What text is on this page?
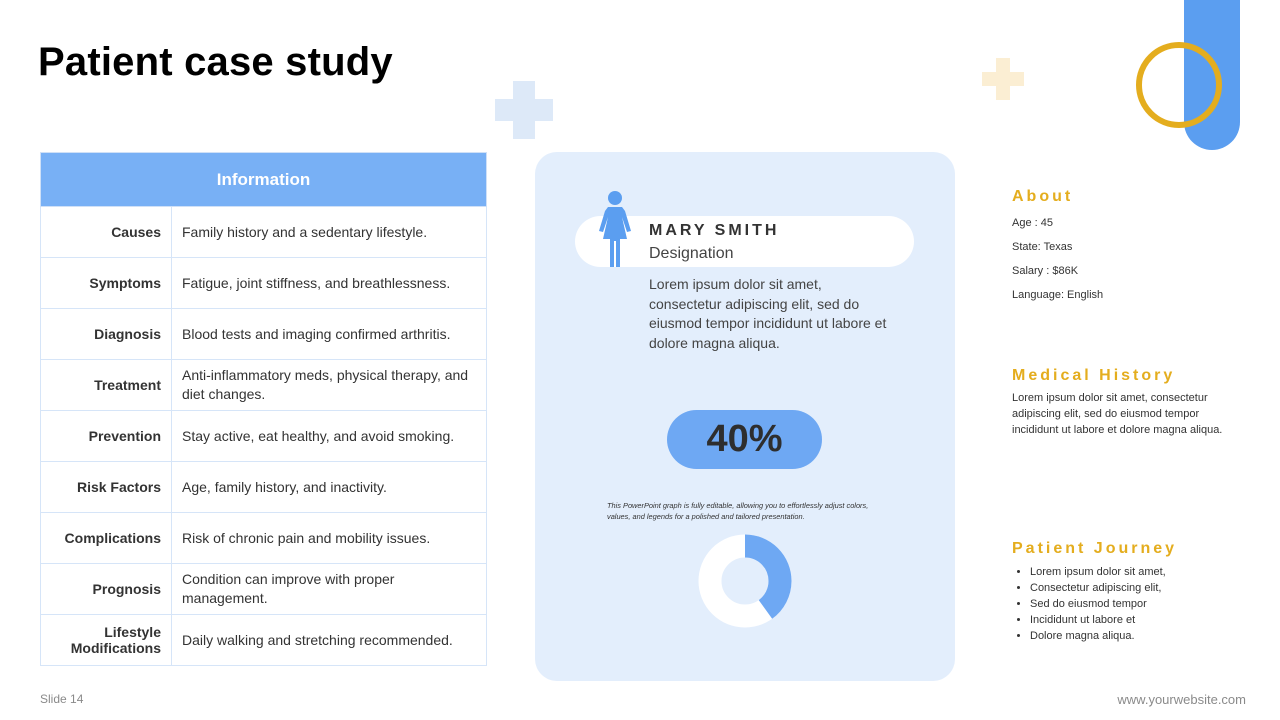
Patient case study
Information	
Causes	Family history and a sedentary lifestyle.
Symptoms	Fatigue, joint stiffness, and breathlessness.
Diagnosis	Blood tests and imaging confirmed arthritis.
Treatment	Anti-inflammatory meds, physical therapy, and diet changes.
Prevention	Stay active, eat healthy, and avoid smoking.
Risk Factors	Age, family history, and inactivity.
Complications	Risk of chronic pain and mobility issues.
Prognosis	Condition can improve with proper management.
Lifestyle Modifications	Daily walking and stretching recommended.
MARY SMITH
Designation
Lorem ipsum dolor sit amet, consectetur adipiscing elit, sed do eiusmod tempor incididunt ut labore et dolore magna aliqua.
40%
This PowerPoint graph is fully editable, allowing you to effortlessly adjust colors, values, and legends for a polished and tailored presentation.
About
Age : 45
State: Texas
Salary : $86K
Language: English
Medical History
Lorem ipsum dolor sit amet, consectetur adipiscing elit, sed do eiusmod tempor incididunt ut labore et dolore magna aliqua.
Patient Journey
• Lorem ipsum dolor sit amet,
• Consectetur adipiscing elit,
• Sed do eiusmod tempor
• Incididunt ut labore et
• Dolore magna aliqua.
Slide 14	www.yourwebsite.com
